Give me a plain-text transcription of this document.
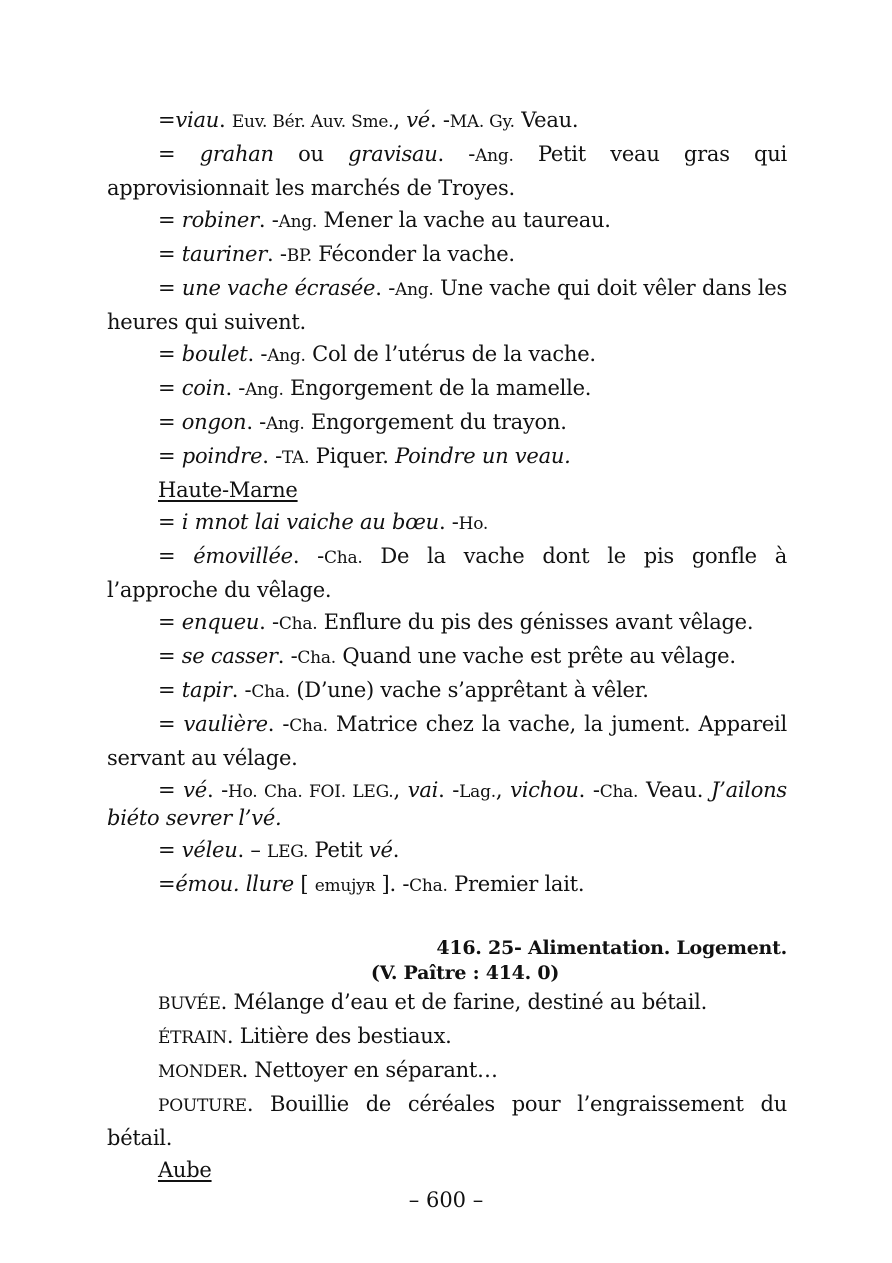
=viau. Euv. Bér. Auv. Sme., vé. -MA. Gy. Veau.

= grahan ou gravisau. -Ang. Petit veau gras qui approvisionnait les marchés de Troyes.

= robiner. -Ang. Mener la vache au taureau.

= tauriner. -BP. Féconder la vache.

= une vache écrasée. -Ang. Une vache qui doit vêler dans les heures qui suivent.

= boulet. -Ang. Col de l’utérus de la vache.

= coin. -Ang. Engorgement de la mamelle.

= ongon. -Ang. Engorgement du trayon.

= poindre. -TA. Piquer. Poindre un veau.

Haute-Marne

= i mnot lai vaiche au bœu. -Ho.

= émovillée. -Cha. De la vache dont le pis gonfle à l’approche du vêlage.

= enqueu. -Cha. Enflure du pis des génisses avant vêlage.

= se casser. -Cha. Quand une vache est prête au vêlage.

= tapir. -Cha. (D’une) vache s’apprêtant à vêler.

= vaulière. -Cha. Matrice chez la vache, la jument. Appareil servant au vélage.

= vé. -Ho. Cha. FOI. LEG., vai. -Lag., vichou. -Cha. Veau. J’ailons biéto sevrer l’vé.

= véleu. – LEG. Petit vé.

=émou. llure [ emujyʀ ]. -Cha. Premier lait.

416. 25- Alimentation. Logement.
(V. Paître : 414. 0)

BUVÉE. Mélange d’eau et de farine, destiné au bétail.

ÉTRAIN. Litière des bestiaux.

MONDER. Nettoyer en séparant…

POUTURE. Bouillie de céréales pour l’engraissement du bétail.

Aube

– 600 –
